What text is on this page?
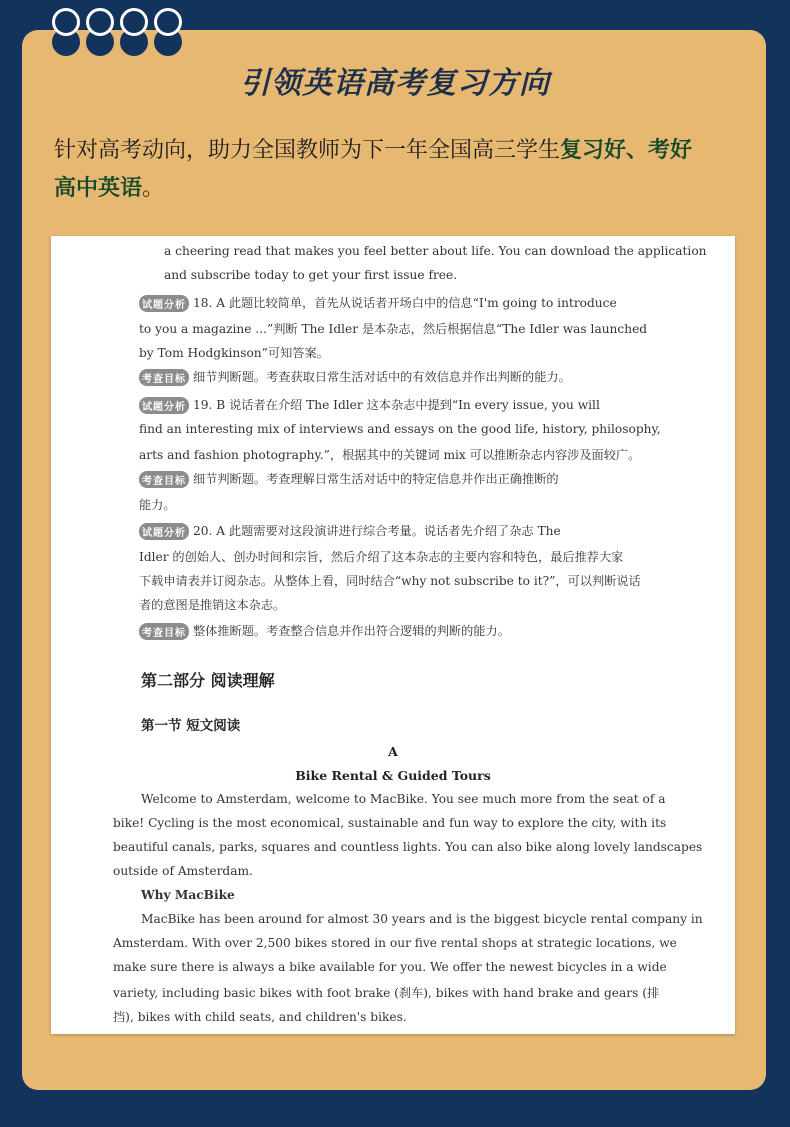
引领英语高考复习方向
针对高考动向，助力全国教师为下一年全国高三学生复习好、考好
高中英语。
a cheering read that makes you feel better about life. You can download the application
and subscribe today to get your first issue free.
试题分析 18. A 此题比较简单，首先从说话者开场白中的信息“I'm going to introduce
to you a magazine ...”判断 The Idler 是本杂志，然后根据信息“The Idler was launched
by Tom Hodgkinson”可知答案。
考查目标 细节判断题。考查获取日常生活对话中的有效信息并作出判断的能力。
试题分析 19. B 说话者在介绍 The Idler 这本杂志中提到“In every issue, you will
find an interesting mix of interviews and essays on the good life, history, philosophy,
arts and fashion photography.”，根据其中的关键词 mix 可以推断杂志内容涉及面较广。
考查目标 细节判断题。考查理解日常生活对话中的特定信息并作出正确推断的
能力。
试题分析 20. A 此题需要对这段演讲进行综合考量。说话者先介绍了杂志 The
Idler 的创始人、创办时间和宗旨，然后介绍了这本杂志的主要内容和特色，最后推荐大家
下载申请表并订阅杂志。从整体上看，同时结合“why not subscribe to it?”，可以判断说话
者的意图是推销这本杂志。
考查目标 整体推断题。考查整合信息并作出符合逻辑的判断的能力。
第二部分 阅读理解
第一节 短文阅读
A
Bike Rental & Guided Tours
Welcome to Amsterdam, welcome to MacBike. You see much more from the seat of a
bike! Cycling is the most economical, sustainable and fun way to explore the city, with its
beautiful canals, parks, squares and countless lights. You can also bike along lovely landscapes
outside of Amsterdam.
Why MacBike
MacBike has been around for almost 30 years and is the biggest bicycle rental company in
Amsterdam. With over 2,500 bikes stored in our five rental shops at strategic locations, we
make sure there is always a bike available for you. We offer the newest bicycles in a wide
variety, including basic bikes with foot brake (刹车), bikes with hand brake and gears (排
挡), bikes with child seats, and children's bikes.
